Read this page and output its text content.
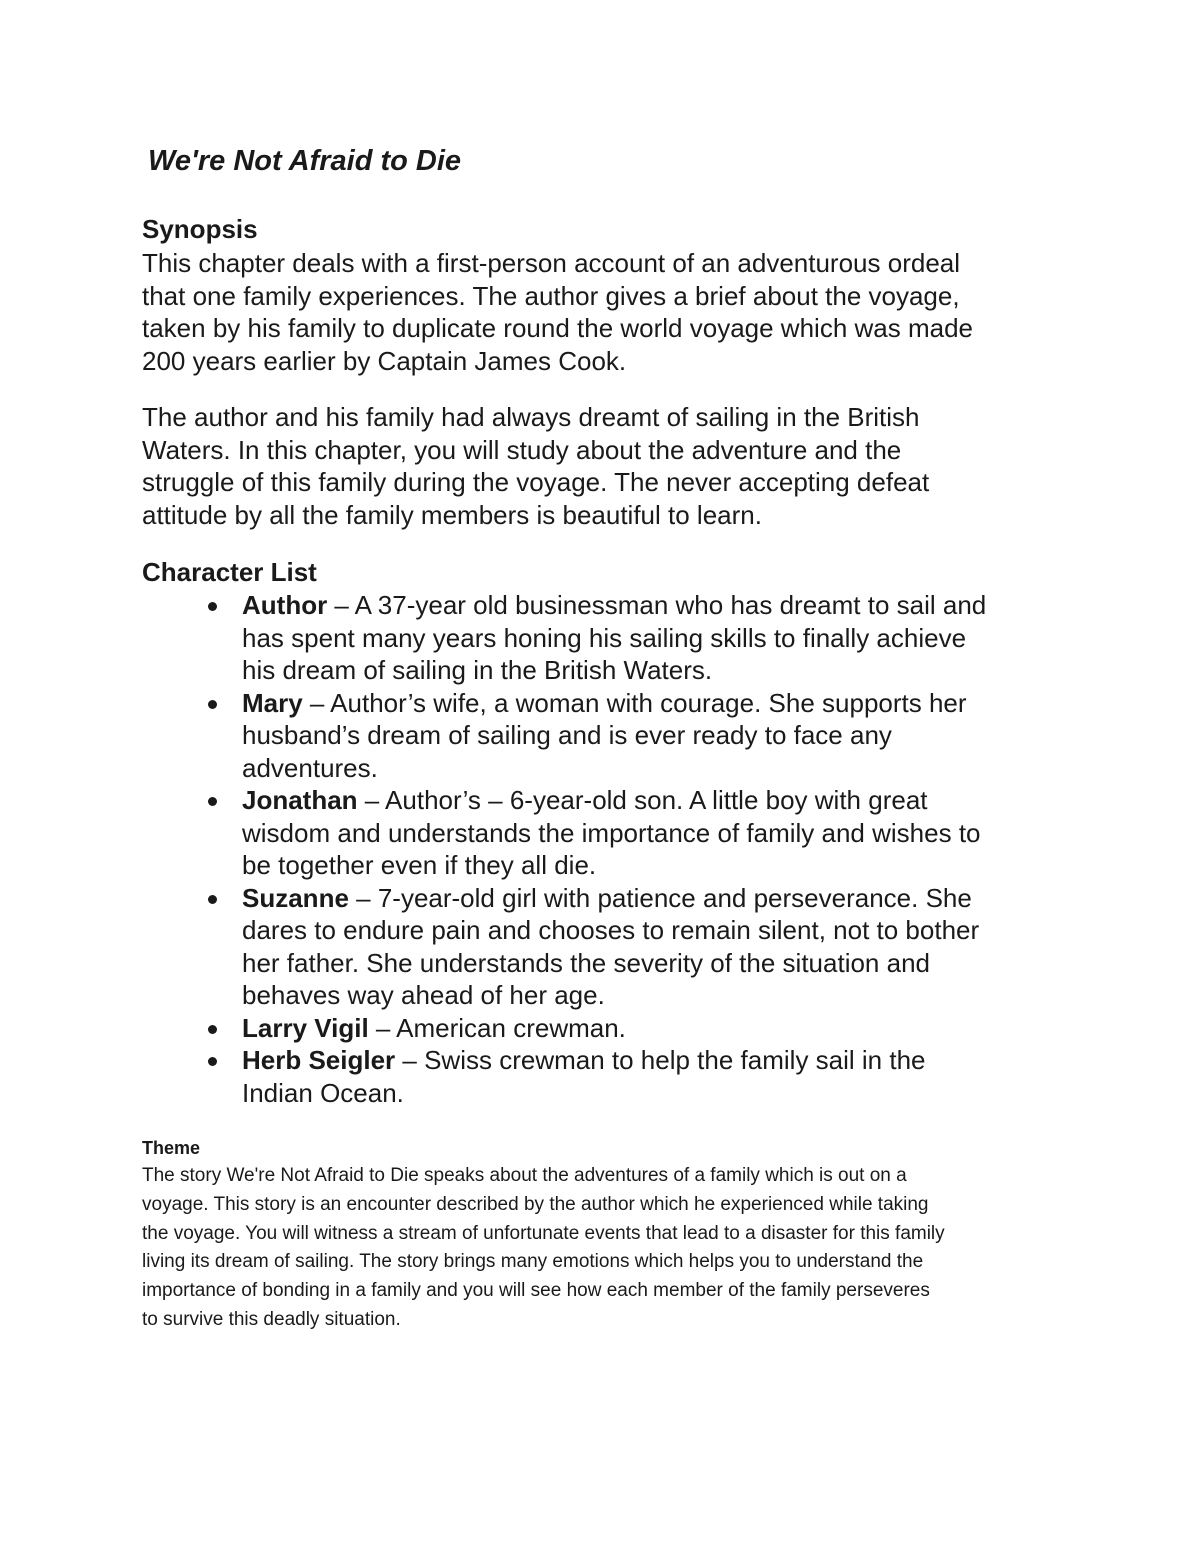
We're Not Afraid to Die
Synopsis
This chapter deals with a first-person account of an adventurous ordeal
that one family experiences. The author gives a brief about the voyage,
taken by his family to duplicate round the world voyage which was made
200 years earlier by Captain James Cook.
The author and his family had always dreamt of sailing in the British
Waters. In this chapter, you will study about the adventure and the
struggle of this family during the voyage. The never accepting defeat
attitude by all the family members is beautiful to learn.
Character List
Author – A 37-year old businessman who has dreamt to sail and
has spent many years honing his sailing skills to finally achieve
his dream of sailing in the British Waters.
Mary – Author’s wife, a woman with courage. She supports her
husband’s dream of sailing and is ever ready to face any
adventures.
Jonathan – Author’s – 6-year-old son. A little boy with great
wisdom and understands the importance of family and wishes to
be together even if they all die.
Suzanne – 7-year-old girl with patience and perseverance. She
dares to endure pain and chooses to remain silent, not to bother
her father. She understands the severity of the situation and
behaves way ahead of her age.
Larry Vigil – American crewman.
Herb Seigler – Swiss crewman to help the family sail in the
Indian Ocean.
Theme
The story We're Not Afraid to Die speaks about the adventures of a family which is out on a
voyage. This story is an encounter described by the author which he experienced while taking
the voyage. You will witness a stream of unfortunate events that lead to a disaster for this family
living its dream of sailing. The story brings many emotions which helps you to understand the
importance of bonding in a family and you will see how each member of the family perseveres
to survive this deadly situation.
